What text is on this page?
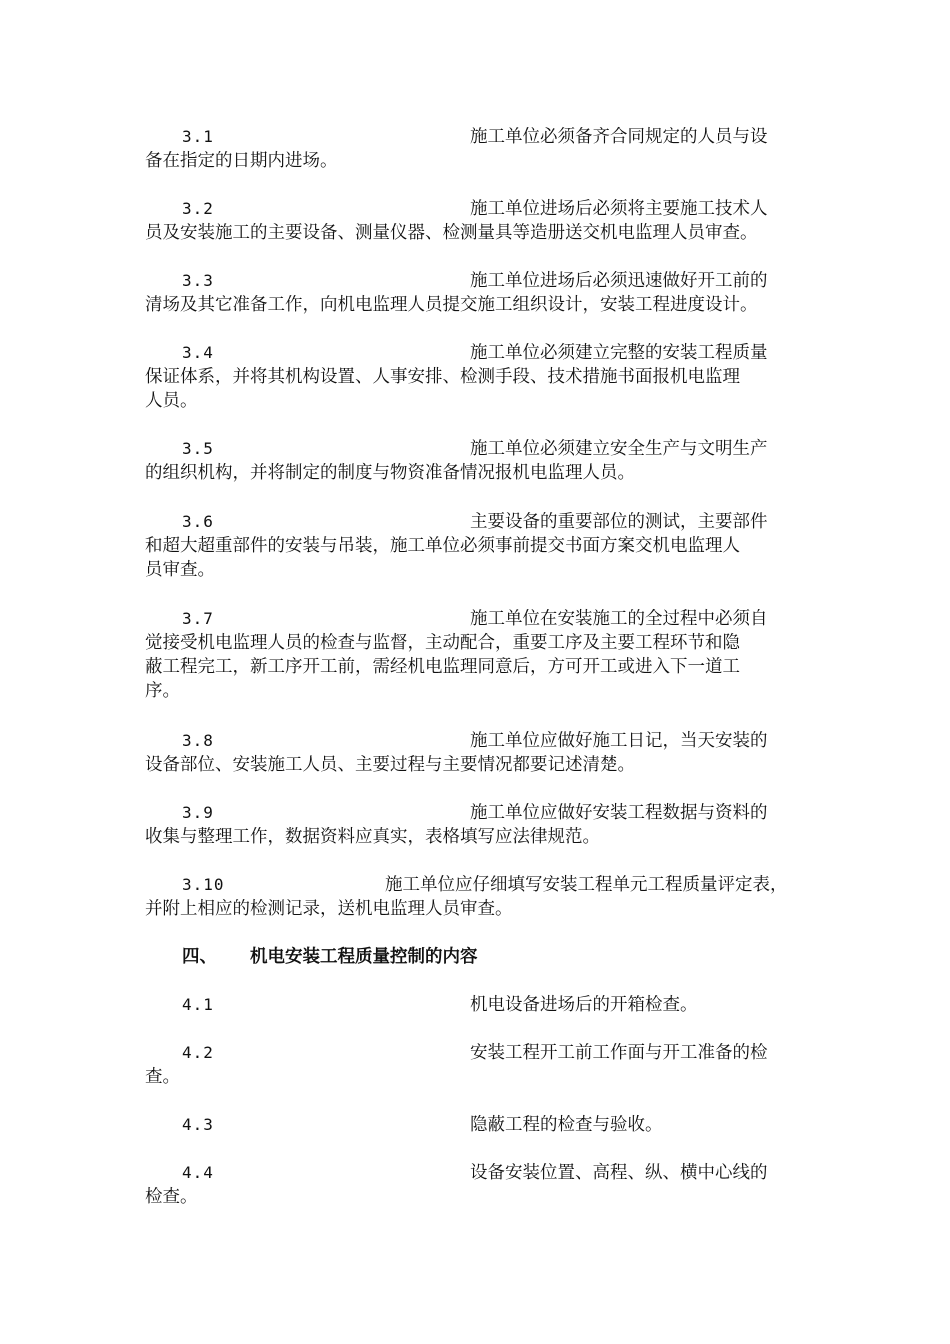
3.1	施工单位必须备齐合同规定的人员与设
备在指定的日期内进场。
3.2	施工单位进场后必须将主要施工技术人
员及安装施工的主要设备、测量仪器、检测量具等造册送交机电监理人员审查。
3.3	施工单位进场后必须迅速做好开工前的
清场及其它准备工作，向机电监理人员提交施工组织设计，安装工程进度设计。
3.4	施工单位必须建立完整的安装工程质量
保证体系，并将其机构设置、人事安排、检测手段、技术措施书面报机电监理
人员。
3.5	施工单位必须建立安全生产与文明生产
的组织机构，并将制定的制度与物资准备情况报机电监理人员。
3.6	主要设备的重要部位的测试，主要部件
和超大超重部件的安装与吊装，施工单位必须事前提交书面方案交机电监理人
员审查。
3.7	施工单位在安装施工的全过程中必须自
觉接受机电监理人员的检查与监督，主动配合，重要工序及主要工程环节和隐
蔽工程完工，新工序开工前，需经机电监理同意后，方可开工或进入下一道工
序。
3.8	施工单位应做好施工日记，当天安装的
设备部位、安装施工人员、主要过程与主要情况都要记述清楚。
3.9	施工单位应做好安装工程数据与资料的
收集与整理工作，数据资料应真实，表格填写应法律规范。
3.10	施工单位应仔细填写安装工程单元工程质量评定表，
并附上相应的检测记录，送机电监理人员审查。
四、 机电安装工程质量控制的内容
4.1	机电设备进场后的开箱检查。
4.2	安装工程开工前工作面与开工准备的检
查。
4.3	隐蔽工程的检查与验收。
4.4	设备安装位置、高程、纵、横中心线的
检查。
